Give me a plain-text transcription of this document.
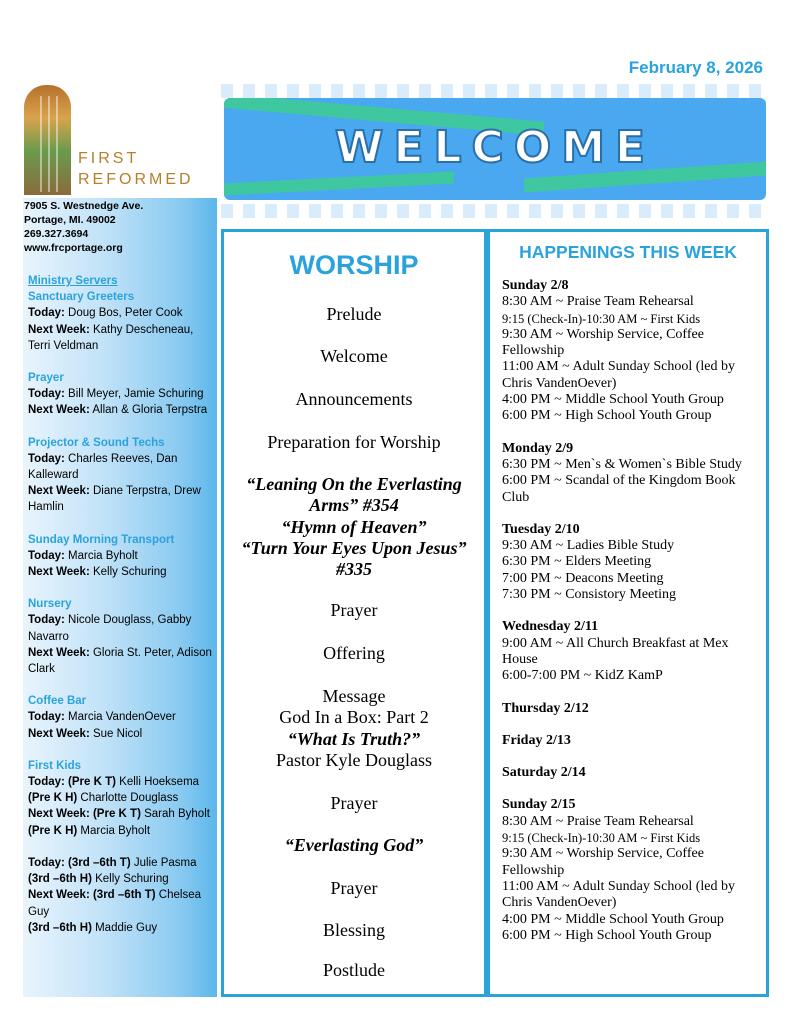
February 8, 2026
FIRST
REFORMED
7905 S. Westnedge Ave.
Portage, MI. 49002
269.327.3694
www.frcportage.org
Ministry Servers
Sanctuary Greeters
Today: Doug Bos, Peter Cook
Next Week: Kathy Descheneau, Terri Veldman
Prayer
Today: Bill Meyer, Jamie Schuring
Next Week: Allan & Gloria Terpstra
Projector & Sound Techs
Today: Charles Reeves, Dan Kalleward
Next Week: Diane Terpstra, Drew Hamlin
Sunday Morning Transport
Today: Marcia Byholt
Next Week: Kelly Schuring
Nursery
Today: Nicole Douglass, Gabby Navarro
Next Week: Gloria St. Peter, Adison Clark
Coffee Bar
Today: Marcia VandenOever
Next Week: Sue Nicol
First Kids
Today: (Pre K T) Kelli Hoeksema
(Pre K H) Charlotte Douglass
Next Week: (Pre K T) Sarah Byholt
(Pre K H) Marcia Byholt
Today: (3rd –6th T) Julie Pasma
(3rd –6th H) Kelly Schuring
Next Week: (3rd –6th T) Chelsea Guy
(3rd –6th H) Maddie Guy
WELCOME
WORSHIP
Prelude
Welcome
Announcements
Preparation for Worship
“Leaning On the Everlasting Arms” #354
“Hymn of Heaven”
“Turn Your Eyes Upon Jesus” #335
Prayer
Offering
Message
God In a Box: Part 2
“What Is Truth?”
Pastor Kyle Douglass
Prayer
“Everlasting God”
Prayer
Blessing
Postlude
HAPPENINGS THIS WEEK
Sunday 2/8
8:30 AM ~ Praise Team Rehearsal
9:15 (Check-In)-10:30 AM ~ First Kids
9:30 AM ~ Worship Service, Coffee Fellowship
11:00 AM ~ Adult Sunday School (led by Chris VandenOever)
4:00 PM ~ Middle School Youth Group
6:00 PM ~ High School Youth Group
Monday 2/9
6:30 PM ~ Men`s & Women`s Bible Study
6:00 PM ~ Scandal of the Kingdom Book Club
Tuesday 2/10
9:30 AM ~ Ladies Bible Study
6:30 PM ~ Elders Meeting
7:00 PM ~ Deacons Meeting
7:30 PM ~ Consistory Meeting
Wednesday 2/11
9:00 AM ~ All Church Breakfast at Mex House
6:00-7:00 PM ~ KidZ KamP
Thursday 2/12
Friday 2/13
Saturday 2/14
Sunday 2/15
8:30 AM ~ Praise Team Rehearsal
9:15 (Check-In)-10:30 AM ~ First Kids
9:30 AM ~ Worship Service, Coffee Fellowship
11:00 AM ~ Adult Sunday School (led by Chris VandenOever)
4:00 PM ~ Middle School Youth Group
6:00 PM ~ High School Youth Group
